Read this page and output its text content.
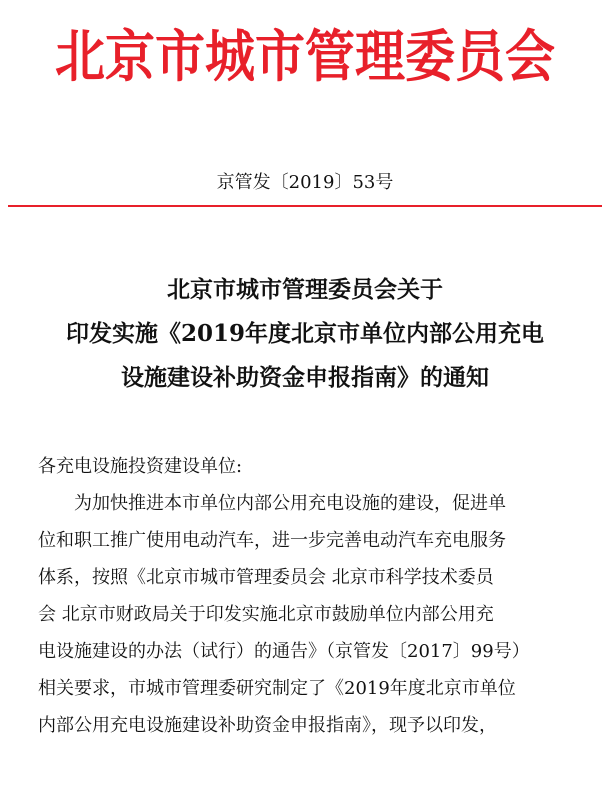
北京市城市管理委员会
京管发〔2019〕53号
北京市城市管理委员会关于
印发实施《2019年度北京市单位内部公用充电
设施建设补助资金申报指南》的通知
各充电设施投资建设单位:
为加快推进本市单位内部公用充电设施的建设，促进单
位和职工推广使用电动汽车，进一步完善电动汽车充电服务
体系，按照《北京市城市管理委员会 北京市科学技术委员
会 北京市财政局关于印发实施北京市鼓励单位内部公用充
电设施建设的办法（试行）的通告》（京管发〔2017〕99号）
相关要求，市城市管理委研究制定了《2019年度北京市单位
内部公用充电设施建设补助资金申报指南》，现予以印发，
